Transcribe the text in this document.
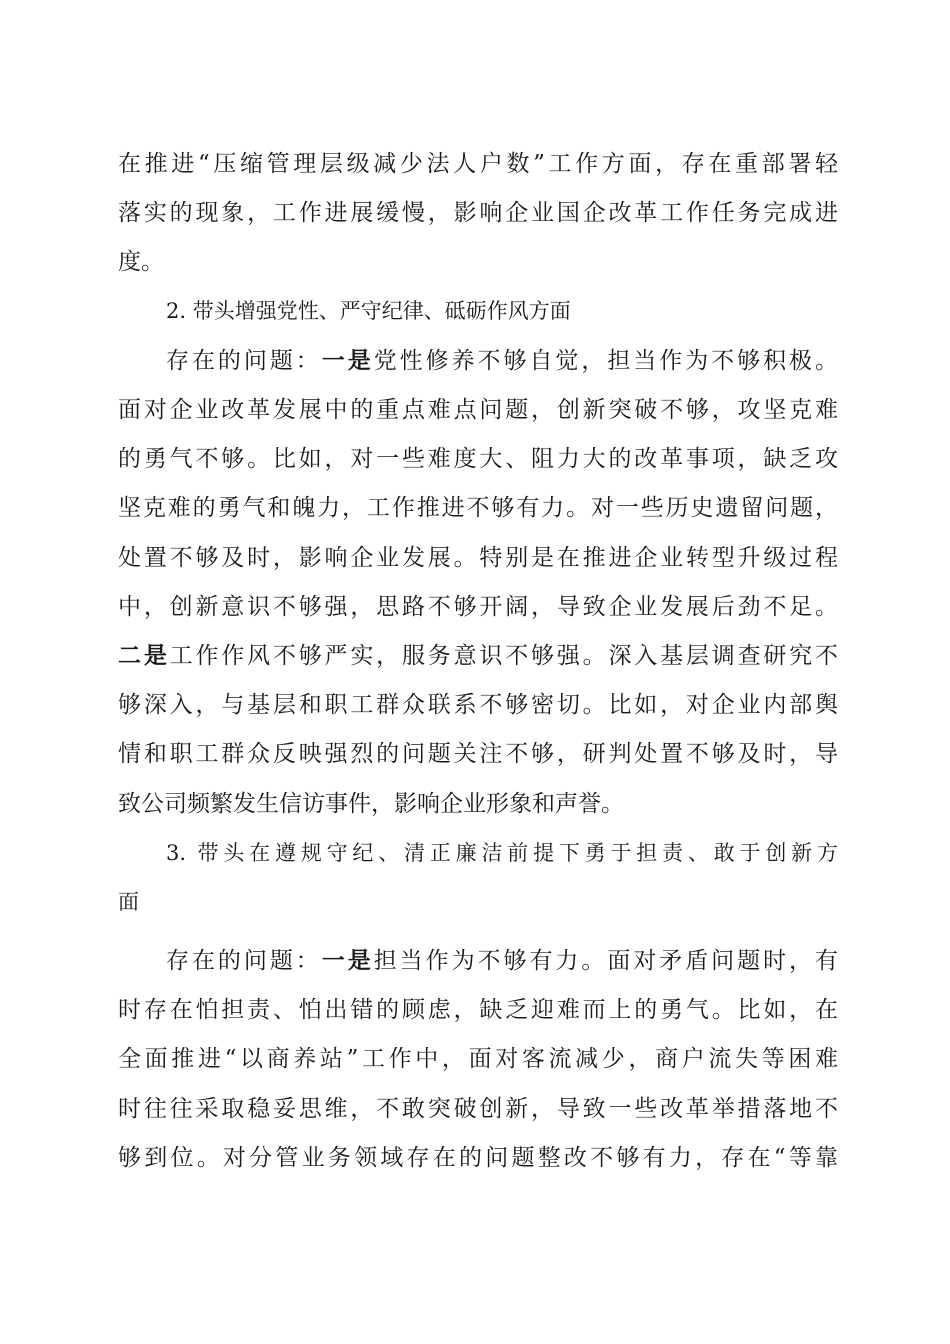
在推进“压缩管理层级减少法人户数”工作方面，存在重部署轻
落实的现象，工作进展缓慢，影响企业国企改革工作任务完成进
度。
2. 带头增强党性、严守纪律、砥砺作风方面
存在的问题：一是党性修养不够自觉，担当作为不够积极。
面对企业改革发展中的重点难点问题，创新突破不够，攻坚克难
的勇气不够。比如，对一些难度大、阻力大的改革事项，缺乏攻
坚克难的勇气和魄力，工作推进不够有力。对一些历史遗留问题，
处置不够及时，影响企业发展。特别是在推进企业转型升级过程
中，创新意识不够强，思路不够开阔，导致企业发展后劲不足。
二是工作作风不够严实，服务意识不够强。深入基层调查研究不
够深入，与基层和职工群众联系不够密切。比如，对企业内部舆
情和职工群众反映强烈的问题关注不够，研判处置不够及时，导
致公司频繁发生信访事件，影响企业形象和声誉。
3. 带头在遵规守纪、清正廉洁前提下勇于担责、敢于创新方
面
存在的问题：一是担当作为不够有力。面对矛盾问题时，有
时存在怕担责、怕出错的顾虑，缺乏迎难而上的勇气。比如，在
全面推进“以商养站”工作中，面对客流减少，商户流失等困难
时往往采取稳妥思维，不敢突破创新，导致一些改革举措落地不
够到位。对分管业务领域存在的问题整改不够有力，存在“等靠
